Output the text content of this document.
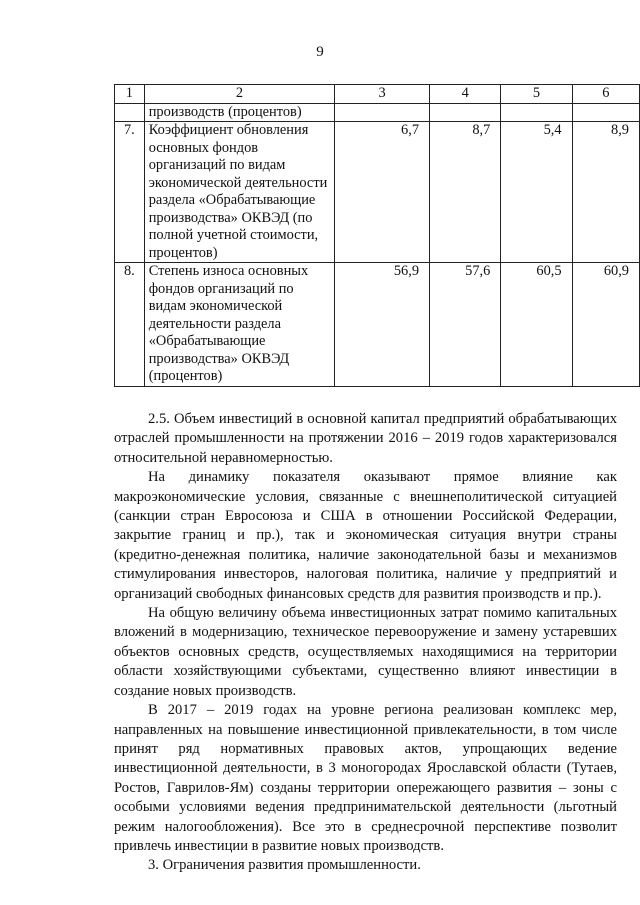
9
1	2	3	4	5	6
	производств (процентов)				
7.	Коэффициент обновления основных фондов организаций по видам экономической деятельности раздела «Обрабатывающие производства» ОКВЭД (по полной учетной стоимости, процентов)	6,7	8,7	5,4	8,9
8.	Степень износа основных фондов организаций по видам экономической деятельности раздела «Обрабатывающие производства» ОКВЭД (процентов)	56,9	57,6	60,5	60,9

2.5. Объем инвестиций в основной капитал предприятий обрабатывающих отраслей промышленности на протяжении 2016 – 2019 годов характеризовался относительной неравномерностью.

На динамику показателя оказывают прямое влияние как макроэкономические условия, связанные с внешнеполитической ситуацией (санкции стран Евросоюза и США в отношении Российской Федерации, закрытие границ и пр.), так и экономическая ситуация внутри страны (кредитно-денежная политика, наличие законодательной базы и механизмов стимулирования инвесторов, налоговая политика, наличие у предприятий и организаций свободных финансовых средств для развития производств и пр.).

На общую величину объема инвестиционных затрат помимо капитальных вложений в модернизацию, техническое перевооружение и замену устаревших объектов основных средств, осуществляемых находящимися на территории области хозяйствующими субъектами, существенно влияют инвестиции в создание новых производств.

В 2017 – 2019 годах на уровне региона реализован комплекс мер, направленных на повышение инвестиционной привлекательности, в том числе принят ряд нормативных правовых актов, упрощающих ведение инвестиционной деятельности, в 3 моногородах Ярославской области (Тутаев, Ростов, Гаврилов-Ям) созданы территории опережающего развития – зоны с особыми условиями ведения предпринимательской деятельности (льготный режим налогообложения). Все это в среднесрочной перспективе позволит привлечь инвестиции в развитие новых производств.

3. Ограничения развития промышленности.
